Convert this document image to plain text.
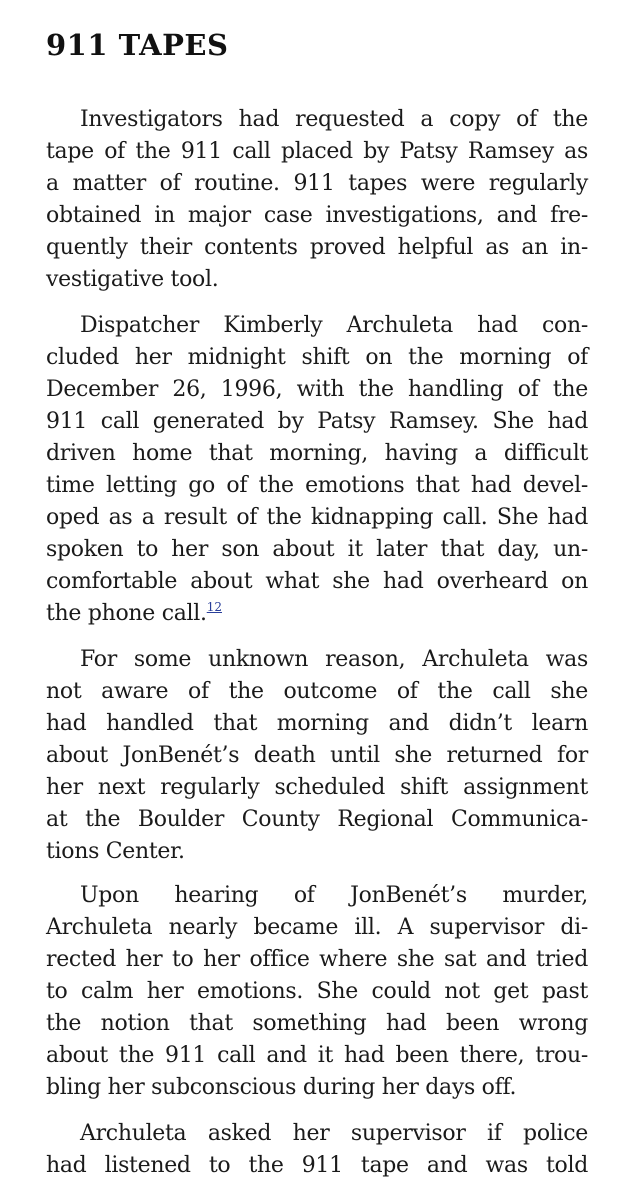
911 TAPES
Investigators had requested a copy of the
tape of the 911 call placed by Patsy Ramsey as
a matter of routine. 911 tapes were regularly
obtained in major case investigations, and fre-
quently their contents proved helpful as an in-
vestigative tool.
Dispatcher Kimberly Archuleta had con-
cluded her midnight shift on the morning of
December 26, 1996, with the handling of the
911 call generated by Patsy Ramsey. She had
driven home that morning, having a difficult
time letting go of the emotions that had devel-
oped as a result of the kidnapping call. She had
spoken to her son about it later that day, un-
comfortable about what she had overheard on
the phone call.$^{12}$
For some unknown reason, Archuleta was
not aware of the outcome of the call she
had handled that morning and didn’t learn
about JonBenét’s death until she returned for
her next regularly scheduled shift assignment
at the Boulder County Regional Communica-
tions Center.
Upon hearing of JonBenét’s murder,
Archuleta nearly became ill. A supervisor di-
rected her to her office where she sat and tried
to calm her emotions. She could not get past
the notion that something had been wrong
about the 911 call and it had been there, trou-
bling her subconscious during her days off.
Archuleta asked her supervisor if police
had listened to the 911 tape and was told
